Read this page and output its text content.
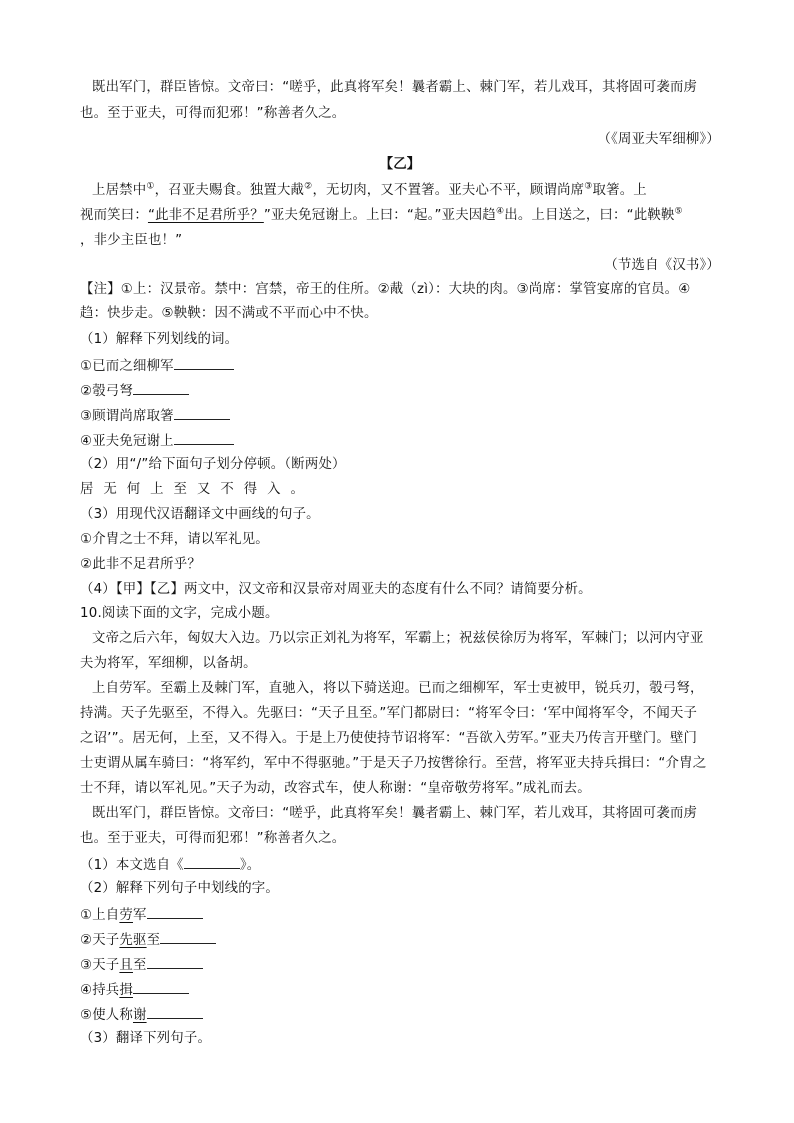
既出军门，群臣皆惊。文帝曰：“嗟乎，此真将军矣！曩者霸上、棘门军，若儿戏耳，其将固可袭而虏
也。至于亚夫，可得而犯邪！”称善者久之。
（《周亚夫军细柳》）
【乙】
上居禁中①，召亚夫赐食。独置大胾②，无切肉，又不置箸。亚夫心不平，顾谓尚席③取箸。上
视而笑曰：“此非不足君所乎？”亚夫免冠谢上。上曰：“起。”亚夫因趋④出。上目送之，曰：“此鞅鞅⑤
，非少主臣也！”
（节选自《汉书》）
【注】①上：汉景帝。禁中：宫禁，帝王的住所。②胾（zì）：大块的肉。③尚席：掌管宴席的官员。④
趋：快步走。⑤鞅鞅：因不满或不平而心中不快。
（1）解释下列划线的词。
①已而之细柳军
②彀弓弩
③顾谓尚席取箸
④亚夫免冠谢上
（2）用“/”给下面句子划分停顿。（断两处）
居无何上至又不得入。
（3）用现代汉语翻译文中画线的句子。
①介胄之士不拜，请以军礼见。
②此非不足君所乎？
（4）【甲】【乙】两文中，汉文帝和汉景帝对周亚夫的态度有什么不同？请简要分析。
10.阅读下面的文字，完成小题。
文帝之后六年，匈奴大入边。乃以宗正刘礼为将军，军霸上；祝兹侯徐厉为将军，军棘门；以河内守亚
夫为将军，军细柳，以备胡。
上自劳军。至霸上及棘门军，直驰入，将以下骑送迎。已而之细柳军，军士吏被甲，锐兵刃，彀弓弩，
持满。天子先驱至，不得入。先驱曰：“天子且至。”军门都尉曰：“将军令曰：‘军中闻将军令，不闻天子
之诏’”。居无何，上至，又不得入。于是上乃使使持节诏将军：“吾欲入劳军。”亚夫乃传言开壁门。壁门
士吏谓从属车骑曰：“将军约，军中不得驱驰。”于是天子乃按辔徐行。至营，将军亚夫持兵揖曰：“介胄之
士不拜，请以军礼见。”天子为动，改容式车，使人称谢：“皇帝敬劳将军。”成礼而去。
既出军门，群臣皆惊。文帝曰：“嗟乎，此真将军矣！曩者霸上、棘门军，若儿戏耳，其将固可袭而虏
也。至于亚夫，可得而犯邪！”称善者久之。
（1）本文选自《	》。
（2）解释下列句子中划线的字。
①上自劳军
②天子先驱至
③天子且至
④持兵揖
⑤使人称谢
（3）翻译下列句子。
